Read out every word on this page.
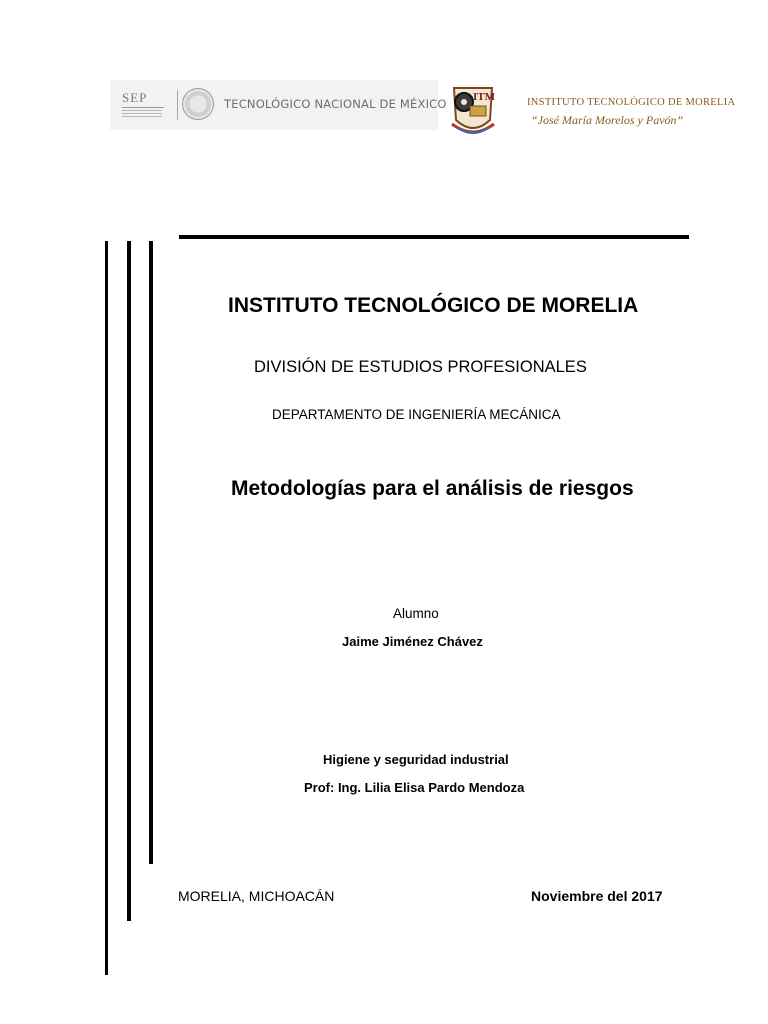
SEP	TECNOLÓGICO NACIONAL DE MÉXICO ITM	INSTITUTO TECNOLÓGICO DE MORELIA
“José María Morelos y Pavón”
INSTITUTO TECNOLÓGICO DE MORELIA
DIVISIÓN DE ESTUDIOS PROFESIONALES
DEPARTAMENTO DE INGENIERÍA MECÁNICA
Metodologías para el análisis de riesgos
Alumno
Jaime Jiménez Chávez
Higiene y seguridad industrial
Prof: Ing. Lilia Elisa Pardo Mendoza
MORELIA, MICHOACÁN	Noviembre del 2017
